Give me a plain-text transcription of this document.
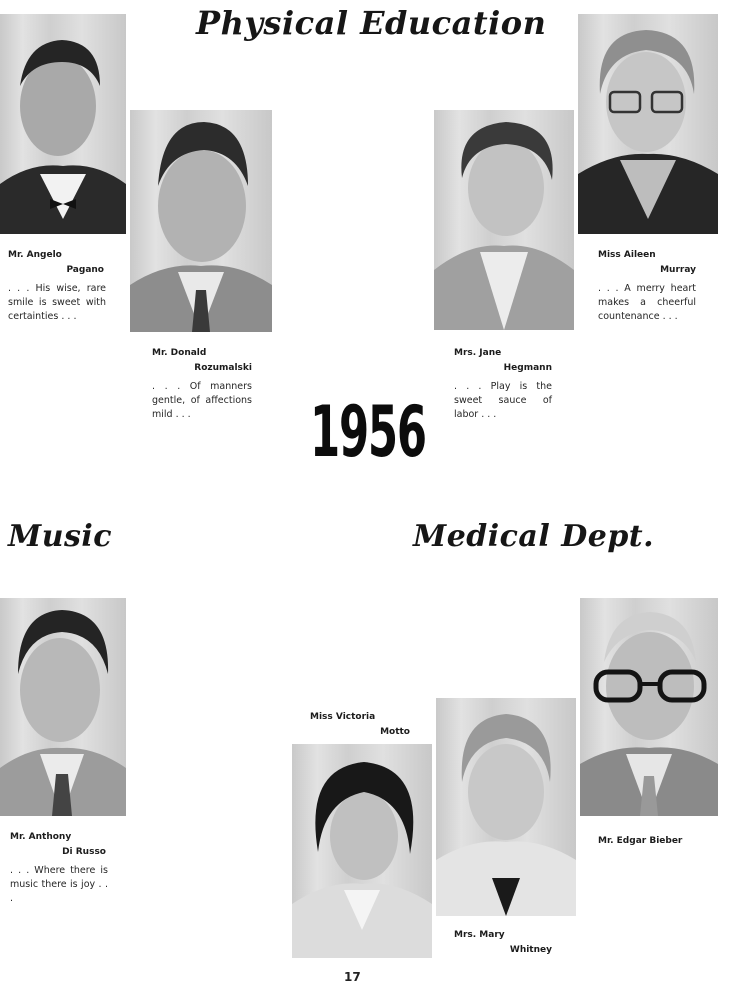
Physical Education
Music	Medical Dept.
1956

Mr. Angelo
Pagano

. . . His wise, rare smile is sweet with certainties . . .

Mr. Donald
Rozumalski

. . . Of manners gentle, of affections mild . . .

Mrs. Jane
Hegmann

. . . Play is the sweet sauce of labor . . .

Miss Aileen
Murray

. . . A merry heart makes a cheerful countenance . . .

Mr. Anthony
Di Russo

. . . Where there is music there is joy . . .

Miss Victoria
Motto

Mrs. Mary
Whitney

Mr. Edgar Bieber

17
